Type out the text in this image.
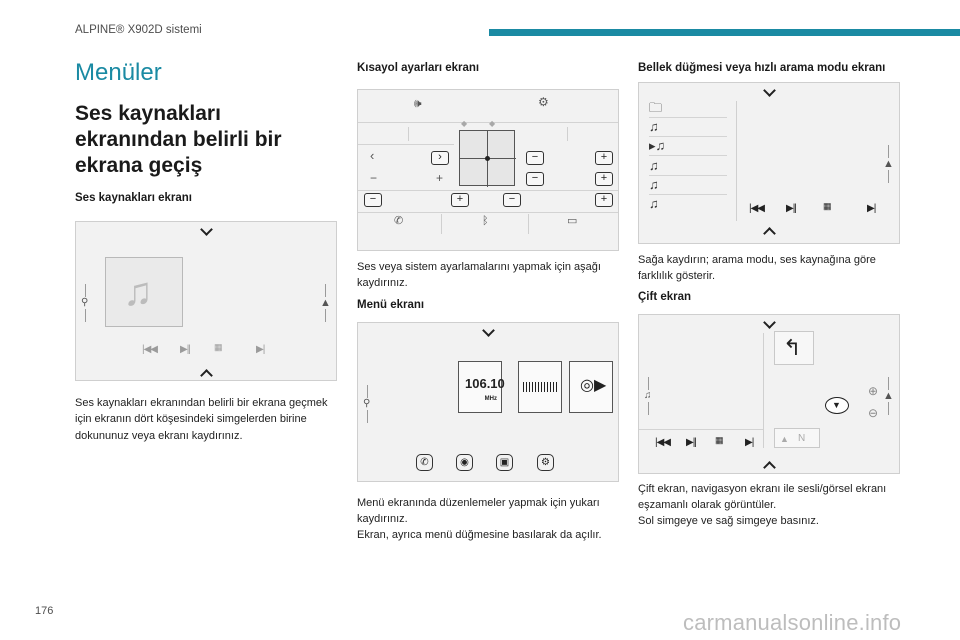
ALPINE® X902D sistemi
Menüler
Ses kaynakları ekranından belirli bir ekrana geçiş
Ses kaynakları ekranı
⚲	▲
♫
|◀◀ ▶||	▦	▶|
Ses kaynakları ekranından belirli bir ekrana geçmek için ekranın dört köşesindeki simgelerden birine dokununuz veya ekranı kaydırınız.
Kısayol ayarları ekranı
🕪	⚙
◆	◆
‹	›	−	+
−	+	−	+
−	+	−	+
✆	ᛒ	▭
Ses veya sistem ayarlamalarını yapmak için aşağı kaydırınız.
Menü ekranı
⚲
106.10
MHz
◎▶
✆	◉	▣	⚙
Menü ekranında düzenlemeler yapmak için yukarı kaydırınız.
Ekran, ayrıca menü düğmesine basılarak da açılır.
Bellek düğmesi veya hızlı arama modu ekranı
🗀
♫
▸♫
♫
♫
♫
▲
|◀◀ ▶||	▦	▶|
Sağa kaydırın; arama modu, ses kaynağına göre farklılık gösterir.
Çift ekran
↰
♫	▲
⊕
⊖
▼
|◀◀ ▶|| ▦ ▶|	▲ N
Çift ekran, navigasyon ekranı ile sesli/görsel ekranı eşzamanlı olarak görüntüler.
Sol simgeye ve sağ simgeye basınız.
176	carmanualsonline.info
